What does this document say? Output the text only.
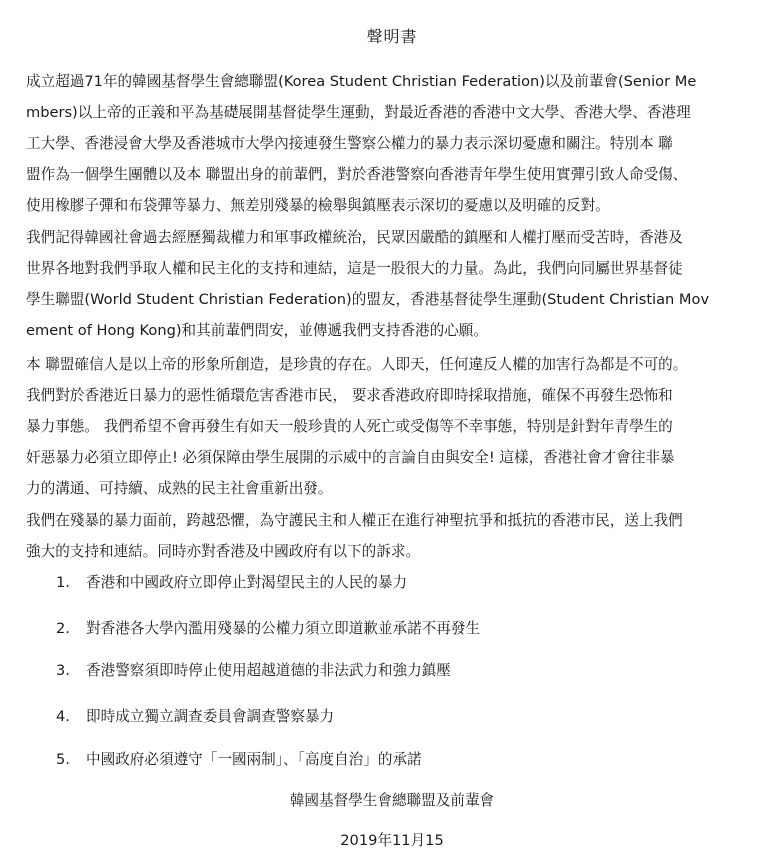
聲明書

成立超過71年的韓國基督學生會總聯盟(Korea Student Christian Federation)以及前輩會(Senior Me
mbers)以上帝的正義和平為基礎展開基督徒學生運動，對最近香港的香港中文大學、香港大學、香港理
工大學、香港浸會大學及香港城市大學內接連發生警察公權力的暴力表示深切憂慮和關注。特別本 聯
盟作為一個學生團體以及本 聯盟出身的前輩們，對於香港警察向香港青年學生使用實彈引致人命受傷、
使用橡膠子彈和布袋彈等暴力、無差別殘暴的檢舉與鎮壓表示深切的憂慮以及明確的反對。

我們記得韓國社會過去經歷獨裁權力和軍事政權統治，民眾因嚴酷的鎮壓和人權打壓而受苦時，香港及
世界各地對我們爭取人權和民主化的支持和連結，這是一股很大的力量。為此，我們向同屬世界基督徒
學生聯盟(World Student Christian Federation)的盟友，香港基督徒學生運動(Student Christian Mov
ement of Hong Kong)和其前輩們問安，並傳遞我們支持香港的心願。

本 聯盟確信人是以上帝的形象所創造，是珍貴的存在。人即天，任何違反人權的加害行為都是不可的。
我們對於香港近日暴力的惡性循環危害香港市民， 要求香港政府即時採取措施，確保不再發生恐怖和
暴力事態。 我們希望不會再發生有如天一般珍貴的人死亡或受傷等不幸事態，特別是針對年青學生的
奸惡暴力必須立即停止! 必須保障由學生展開的示威中的言論自由與安全! 這樣，香港社會才會往非暴
力的溝通、可持續、成熟的民主社會重新出發。

我們在殘暴的暴力面前，跨越恐懼，為守護民主和人權正在進行神聖抗爭和抵抗的香港市民，送上我們
強大的支持和連結。同時亦對香港及中國政府有以下的訴求。

1.	香港和中國政府立即停止對渴望民主的人民的暴力
2.	對香港各大學內濫用殘暴的公權力須立即道歉並承諾不再發生
3.	香港警察須即時停止使用超越道德的非法武力和強力鎮壓
4.	即時成立獨立調查委員會調查警察暴力
5.	中國政府必須遵守「一國兩制」、「高度自治」的承諾
韓國基督學生會總聯盟及前輩會
2019年11月15
